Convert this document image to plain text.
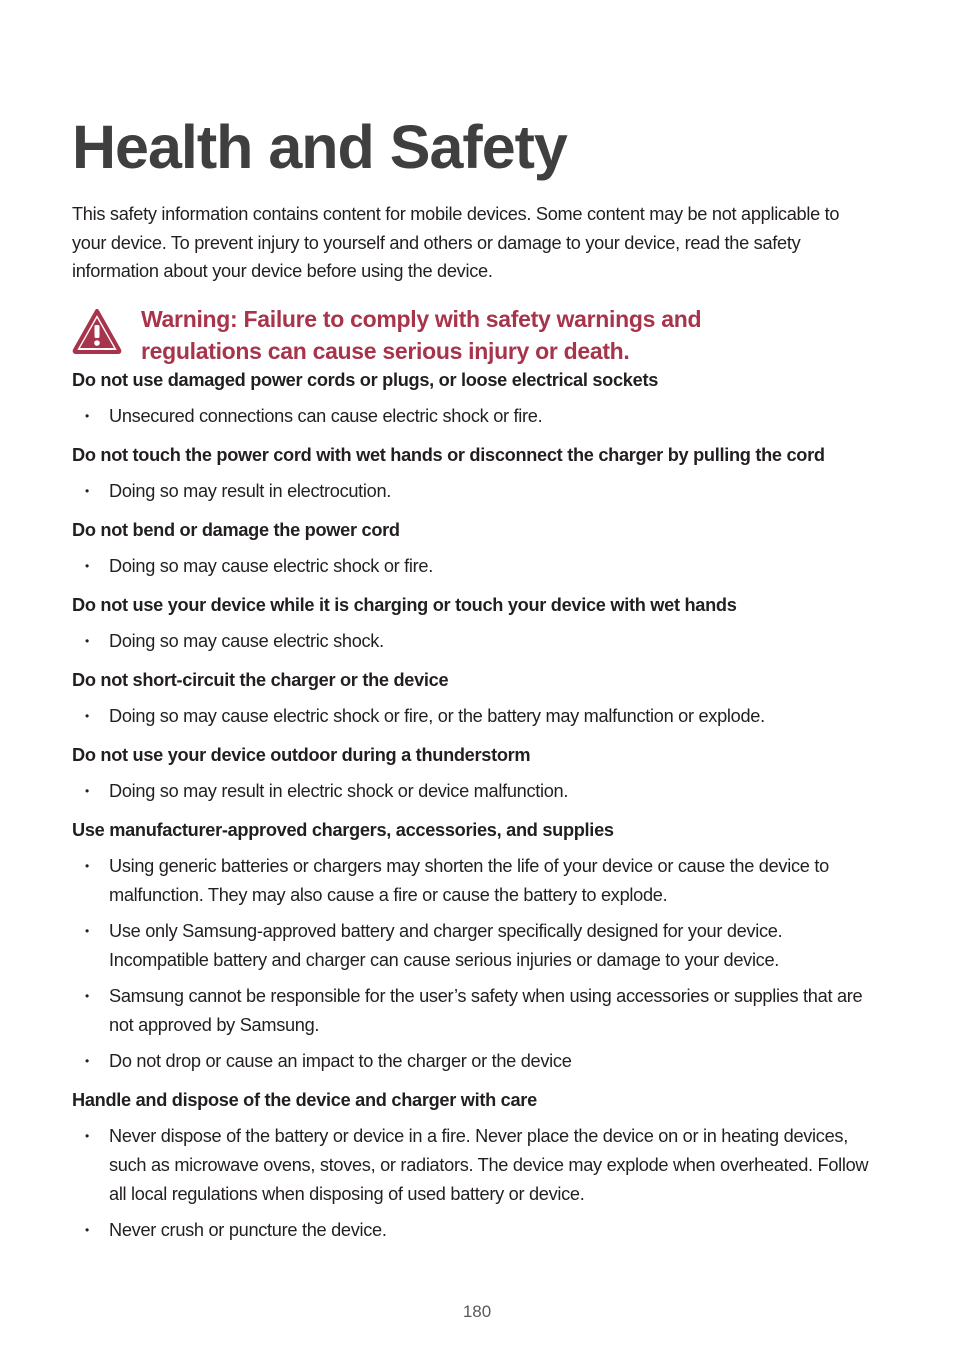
Health and Safety

This safety information contains content for mobile devices. Some content may be not applicable to your device. To prevent injury to yourself and others or damage to your device, read the safety information about your device before using the device.

Warning: Failure to comply with safety warnings and
regulations can cause serious injury or death.

Do not use damaged power cords or plugs, or loose electrical sockets

• Unsecured connections can cause electric shock or fire.

Do not touch the power cord with wet hands or disconnect the charger by pulling the cord

• Doing so may result in electrocution.

Do not bend or damage the power cord

• Doing so may cause electric shock or fire.

Do not use your device while it is charging or touch your device with wet hands

• Doing so may cause electric shock.

Do not short-circuit the charger or the device

• Doing so may cause electric shock or fire, or the battery may malfunction or explode.

Do not use your device outdoor during a thunderstorm

• Doing so may result in electric shock or device malfunction.

Use manufacturer-approved chargers, accessories, and supplies

• Using generic batteries or chargers may shorten the life of your device or cause the device to malfunction. They may also cause a fire or cause the battery to explode.
• Use only Samsung-approved battery and charger specifically designed for your device. Incompatible battery and charger can cause serious injuries or damage to your device.
• Samsung cannot be responsible for the user’s safety when using accessories or supplies that are not approved by Samsung.
• Do not drop or cause an impact to the charger or the device

Handle and dispose of the device and charger with care

• Never dispose of the battery or device in a fire. Never place the device on or in heating devices, such as microwave ovens, stoves, or radiators. The device may explode when overheated. Follow all local regulations when disposing of used battery or device.
• Never crush or puncture the device.
180
